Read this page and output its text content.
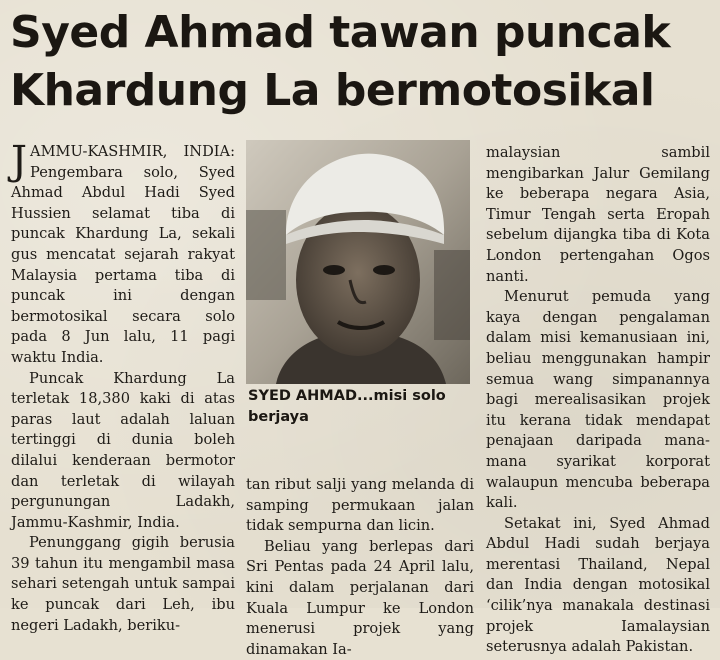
Syed Ahmad tawan puncak
Khardung La bermotosikal

JAMMU-KASHMIR, INDIA: Pengembara solo, Syed Ahmad Abdul Hadi Syed Hussien selamat tiba di puncak Khardung La, sekali gus mencatat sejarah rakyat Malaysia pertama tiba di puncak ini dengan bermotosikal secara solo pada 8 Jun lalu, 11 pagi waktu India.

Puncak Khardung La terletak 18,380 kaki di atas paras laut adalah laluan tertinggi di dunia boleh dilalui kenderaan bermotor dan terletak di wilayah pergunungan Ladakh, Jammu-Kashmir, India.

Penunggang gigih berusia 39 tahun itu mengambil masa sehari setengah untuk sampai ke puncak dari Leh, ibu negeri Ladakh, beriku-

SYED AHMAD...misi solo berjaya

tan ribut salji yang melanda di samping permukaan jalan tidak sempurna dan licin.

Beliau yang berlepas dari Sri Pentas pada 24 April lalu, kini dalam perjalanan dari Kuala Lumpur ke London menerusi projek yang dinamakan Ia-

malaysian sambil mengibarkan Jalur Gemilang ke beberapa negara Asia, Timur Tengah serta Eropah sebelum dijangka tiba di Kota London pertengahan Ogos nanti.

Menurut pemuda yang kaya dengan pengalaman dalam misi kemanusiaan ini, beliau menggunakan hampir semua wang simpanannya bagi merealisasikan projek itu kerana tidak mendapat penajaan daripada mana-mana syarikat korporat walaupun mencuba beberapa kali.

Setakat ini, Syed Ahmad Abdul Hadi sudah berjaya merentasi Thailand, Nepal dan India dengan motosikal ‘cilik’nya manakala destinasi projek Iamalaysian seterusnya adalah Pakistan.
